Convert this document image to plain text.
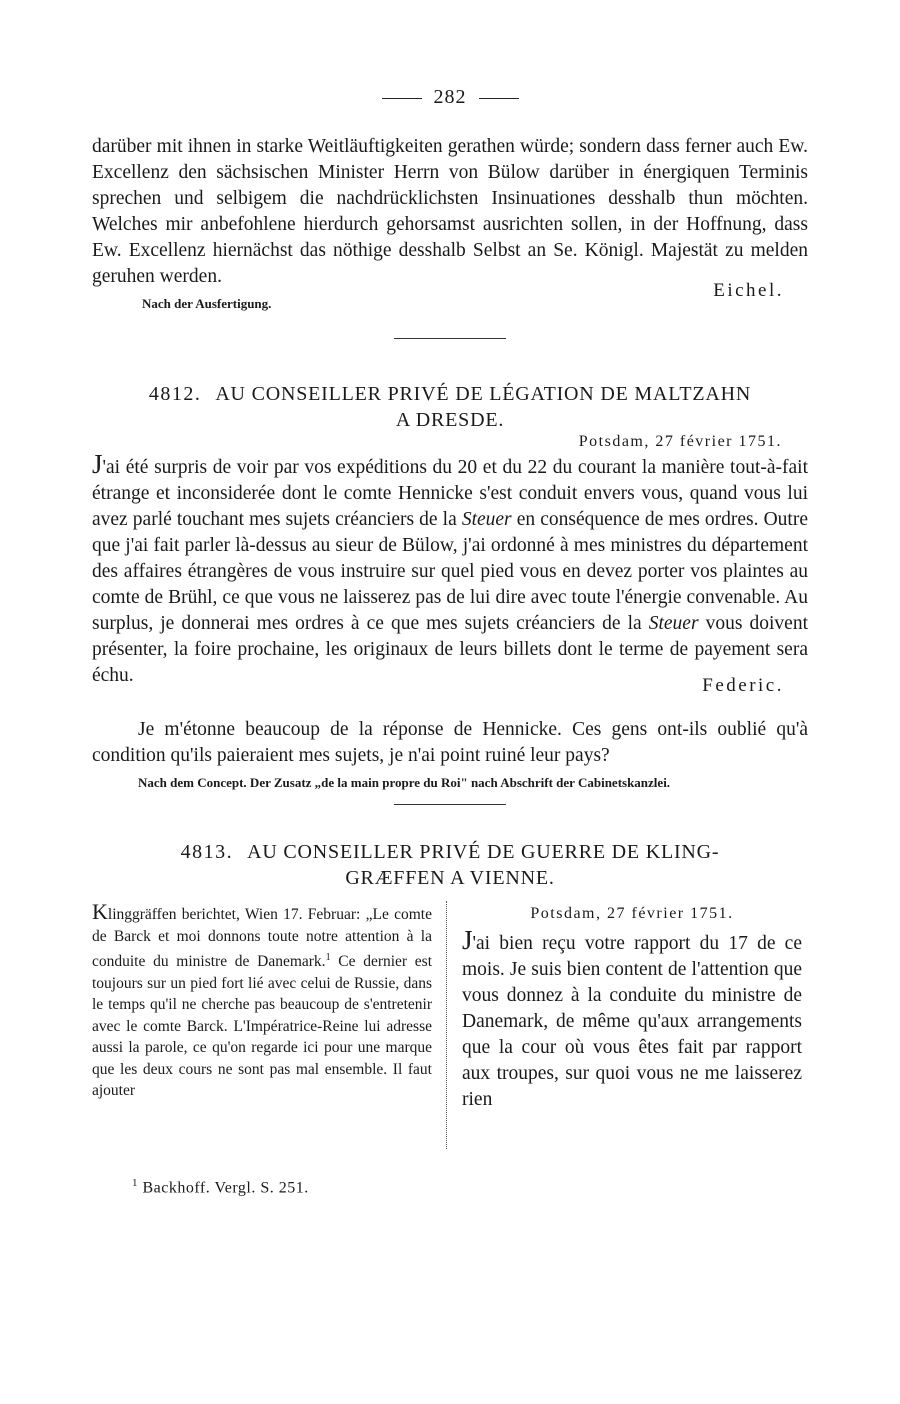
282

darüber mit ihnen in starke Weitläuftigkeiten gerathen würde; sondern dass ferner auch Ew. Excellenz den sächsischen Minister Herrn von Bülow darüber in énergiquen Terminis sprechen und selbigem die nachdrücklichsten Insinuationes desshalb thun möchten. Welches mir anbefohlene hierdurch gehorsamst ausrichten sollen, in der Hoffnung, dass Ew. Excellenz hiernächst das nöthige desshalb Selbst an Se. Königl. Majestät zu melden geruhen werden.

Eichel.

Nach der Ausfertigung.

4812. AU CONSEILLER PRIVÉ DE LÉGATION DE MALTZAHN
A DRESDE.

Potsdam, 27 février 1751.

J'ai été surpris de voir par vos expéditions du 20 et du 22 du courant la manière tout-à-fait étrange et inconsiderée dont le comte Hennicke s'est conduit envers vous, quand vous lui avez parlé touchant mes sujets créanciers de la Steuer en conséquence de mes ordres. Outre que j'ai fait parler là-dessus au sieur de Bülow, j'ai ordonné à mes ministres du département des affaires étrangères de vous instruire sur quel pied vous en devez porter vos plaintes au comte de Brühl, ce que vous ne laisserez pas de lui dire avec toute l'énergie convenable. Au surplus, je donnerai mes ordres à ce que mes sujets créanciers de la Steuer vous doivent présenter, la foire prochaine, les originaux de leurs billets dont le terme de payement sera échu.	Federic.

Je m'étonne beaucoup de la réponse de Hennicke. Ces gens ont-ils oublié qu'à condition qu'ils paieraient mes sujets, je n'ai point ruiné leur pays?

Nach dem Concept. Der Zusatz „de la main propre du Roi" nach Abschrift der Cabinetskanzlei.

4813. AU CONSEILLER PRIVÉ DE GUERRE DE KLING-
GRÆFFEN A VIENNE.

Klinggräffen berichtet, Wien 17. Februar: „Le comte de Barck et moi donnons toute notre attention à la conduite du ministre de Danemark.$^1$ Ce dernier est toujours sur un pied fort lié avec celui de Russie, dans le temps qu'il ne cherche pas beaucoup de s'entretenir avec le comte Barck. L'Impératrice-Reine lui adresse aussi la parole, ce qu'on regarde ici pour une marque que les deux cours ne sont pas mal ensemble. Il faut ajouter
Potsdam, 27 février 1751.
J'ai bien reçu votre rapport du 17 de ce mois. Je suis bien content de l'attention que vous donnez à la conduite du ministre de Danemark, de même qu'aux arrangements que la cour où vous êtes fait par rapport aux troupes, sur quoi vous ne me laisserez rien

$^1$ Backhoff. Vergl. S. 251.
